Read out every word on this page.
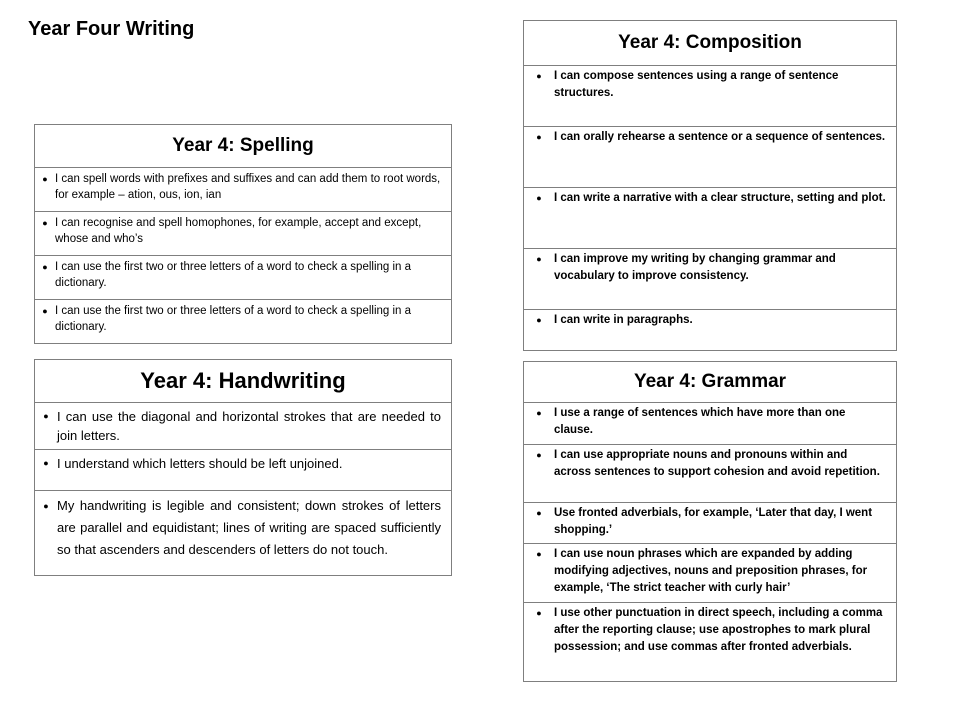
Year Four Writing
Year 4: Spelling

● I can spell words with prefixes and suffixes and can add them to root words, for example – ation, ous, ion, ian

● I can recognise and spell homophones, for example, accept and except, whose and who’s

● I can use the first two or three letters of a word to check a spelling in a dictionary.

● I can use the first two or three letters of a word to check a spelling in a dictionary.
Year 4: Handwriting

● I can use the diagonal and horizontal strokes that are needed to join letters.

● I understand which letters should be left unjoined.

● My handwriting is legible and consistent; down strokes of letters are parallel and equidistant; lines of writing are spaced sufficiently so that ascenders and descenders of letters do not touch.
Year 4: Composition

●	I can compose sentences using a range of sentence structures.

●	I can orally rehearse a sentence or a sequence of sentences.

●	I can write a narrative with a clear structure, setting and plot.

●	I can improve my writing by changing grammar and vocabulary to improve consistency.

●	I can write in paragraphs.
Year 4: Grammar

●	I use a range of sentences which have more than one clause.

●	I can use appropriate nouns and pronouns within and across sentences to support cohesion and avoid repetition.

●	Use fronted adverbials, for example, ‘Later that day, I went shopping.’

●	I can use noun phrases which are expanded by adding modifying adjectives, nouns and preposition phrases, for example, ‘The strict teacher with curly hair’

●	I use other punctuation in direct speech, including a comma after the reporting clause; use apostrophes to mark plural possession; and use commas after fronted adverbials.
